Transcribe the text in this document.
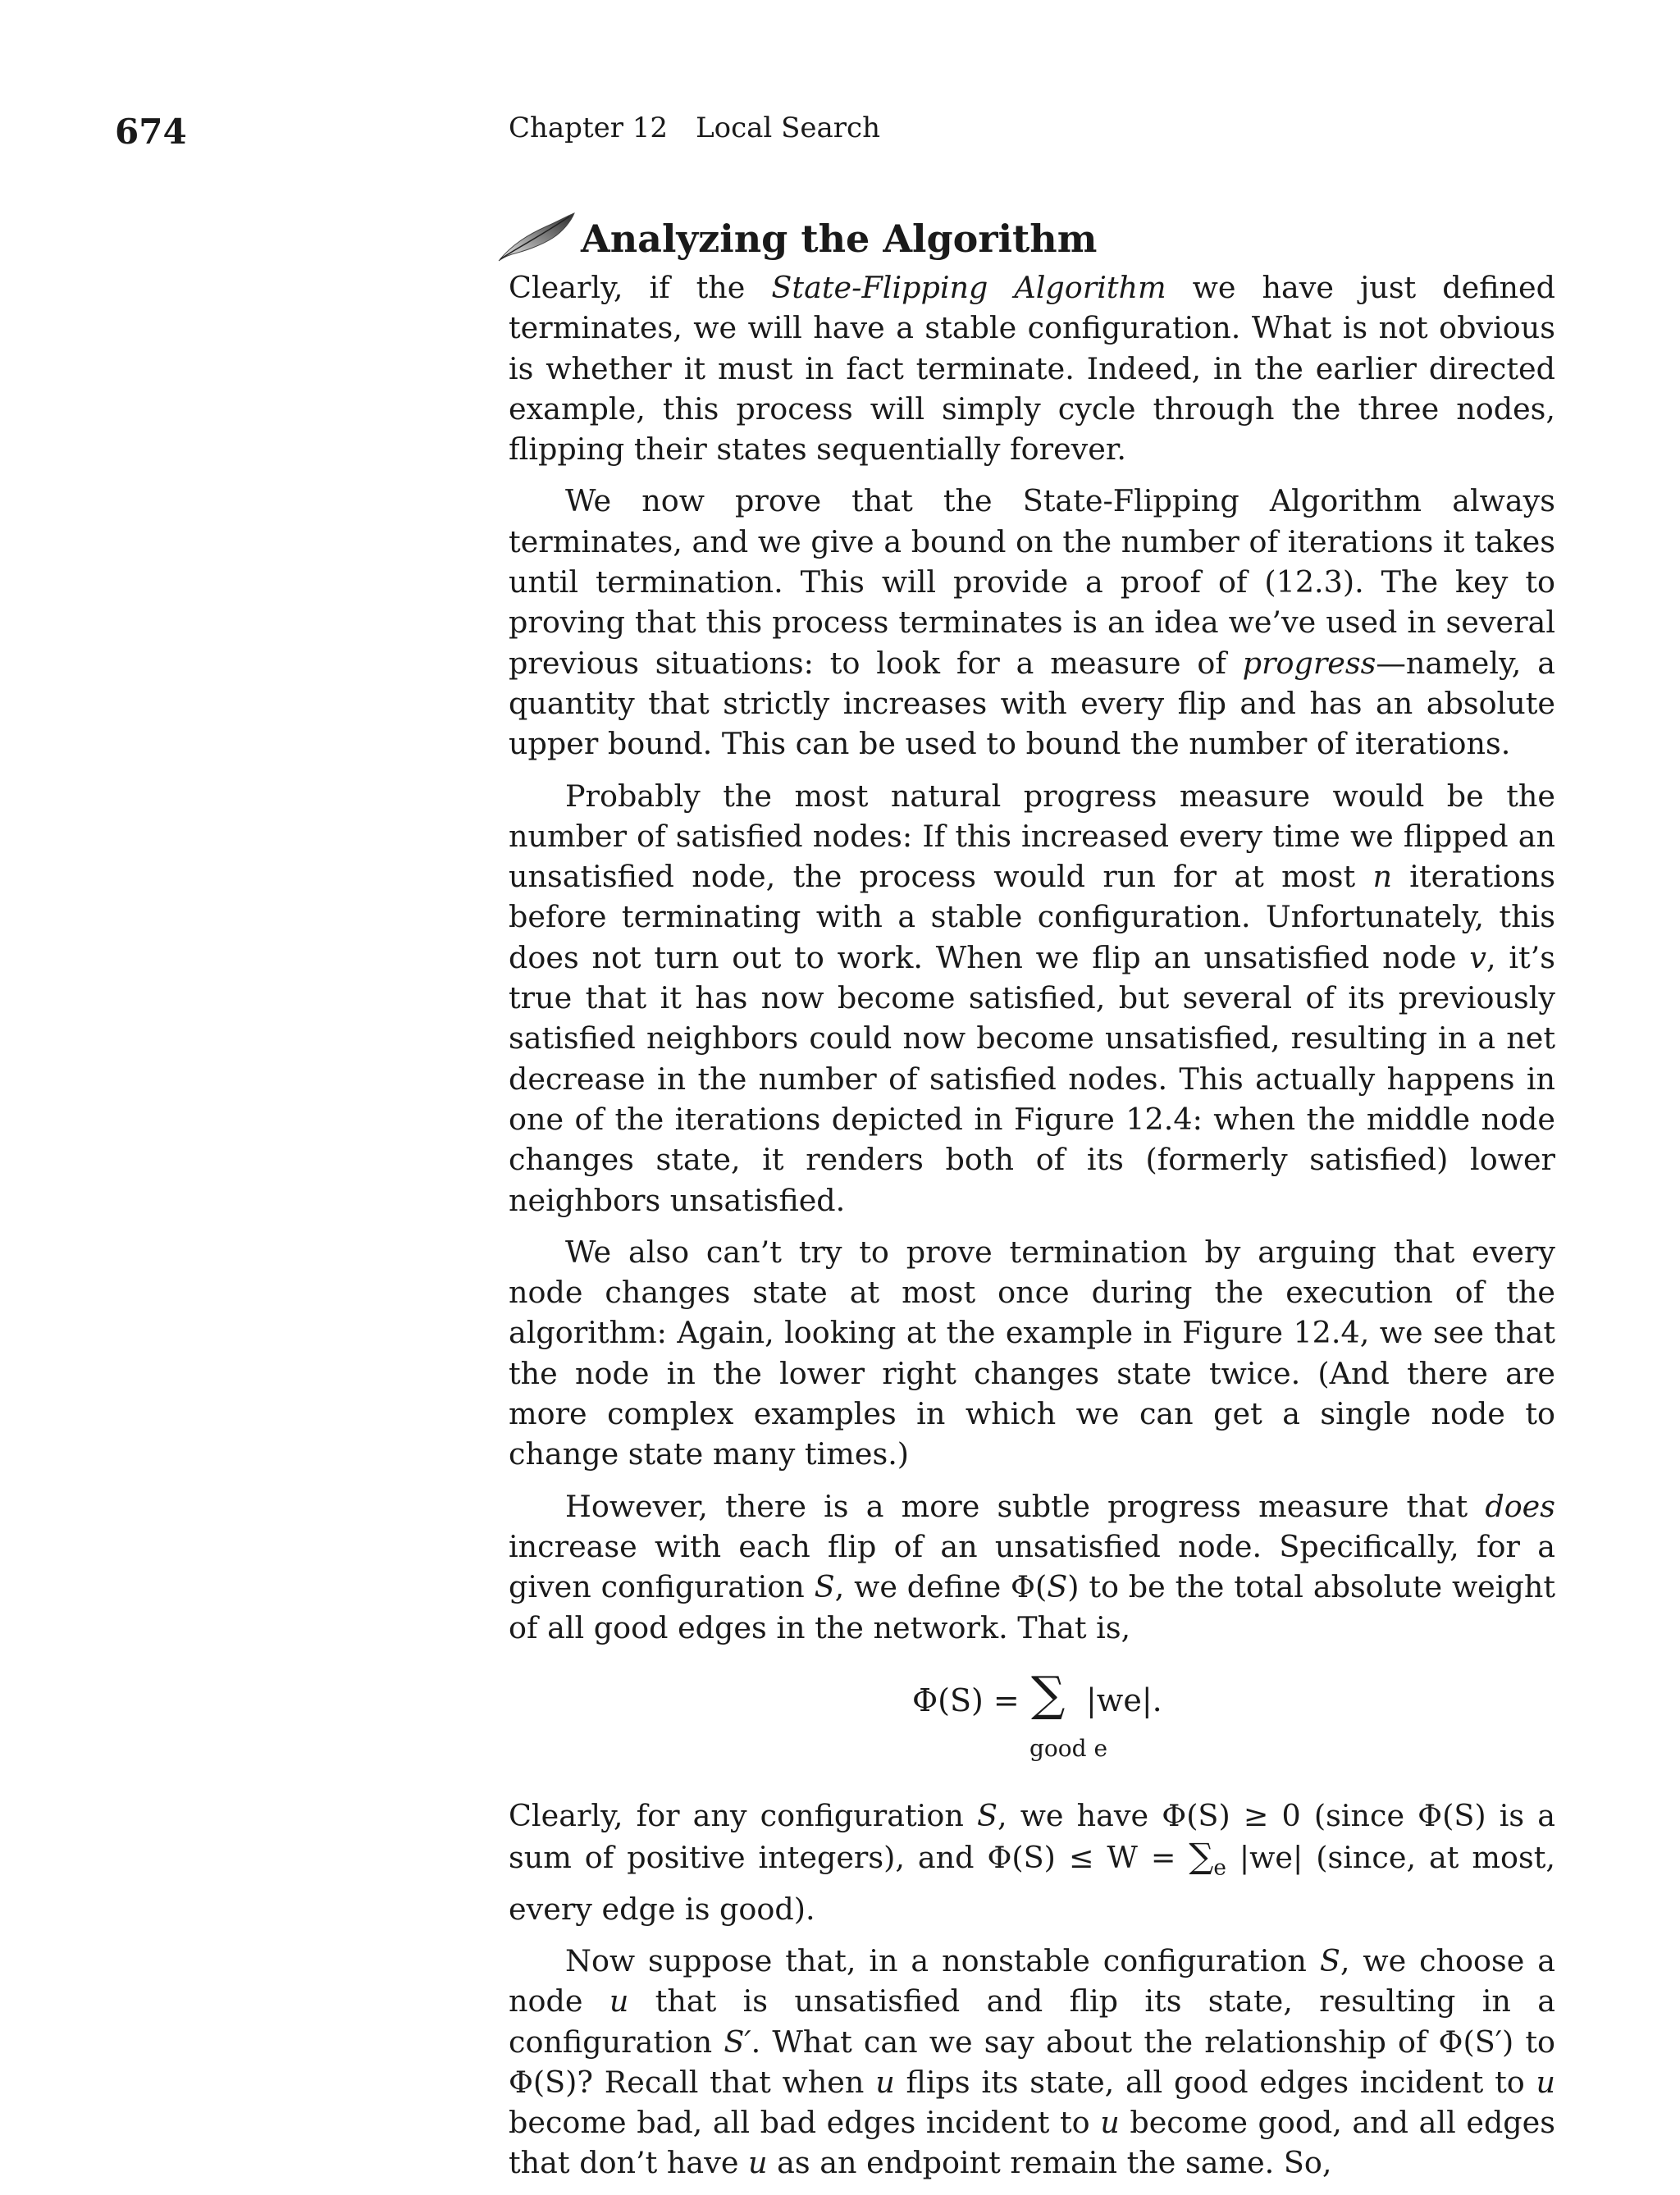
674	Chapter 12 Local Search
Analyzing the Algorithm

Clearly, if the State-Flipping Algorithm we have just defined terminates, we will have a stable configuration. What is not obvious is whether it must in fact terminate. Indeed, in the earlier directed example, this process will simply cycle through the three nodes, flipping their states sequentially forever.

We now prove that the State-Flipping Algorithm always terminates, and we give a bound on the number of iterations it takes until termination. This will provide a proof of (12.3). The key to proving that this process terminates is an idea we’ve used in several previous situations: to look for a measure of progress—namely, a quantity that strictly increases with every flip and has an absolute upper bound. This can be used to bound the number of iterations.

Probably the most natural progress measure would be the number of satisfied nodes: If this increased every time we flipped an unsatisfied node, the process would run for at most n iterations before terminating with a stable configuration. Unfortunately, this does not turn out to work. When we flip an unsatisfied node v, it’s true that it has now become satisfied, but several of its previously satisfied neighbors could now become unsatisfied, resulting in a net decrease in the number of satisfied nodes. This actually happens in one of the iterations depicted in Figure 12.4: when the middle node changes state, it renders both of its (formerly satisfied) lower neighbors unsatisfied.

We also can’t try to prove termination by arguing that every node changes state at most once during the execution of the algorithm: Again, looking at the example in Figure 12.4, we see that the node in the lower right changes state twice. (And there are more complex examples in which we can get a single node to change state many times.)

However, there is a more subtle progress measure that does increase with each flip of an unsatisfied node. Specifically, for a given configuration S, we define Φ(S) to be the total absolute weight of all good edges in the network. That is,

Φ(S) = ∑
good e
|we|.

Clearly, for any configuration S, we have Φ(S) ≥ 0 (since Φ(S) is a sum of positive integers), and $\Phi(S) \le W = \sum_e$ |we| (since, at most, every edge is good).

Now suppose that, in a nonstable configuration S, we choose a node u that is unsatisfied and flip its state, resulting in a configuration S′. What can we say about the relationship of Φ(S′) to Φ(S)? Recall that when u flips its state, all good edges incident to u become bad, all bad edges incident to u become good, and all edges that don’t have u as an endpoint remain the same. So,
